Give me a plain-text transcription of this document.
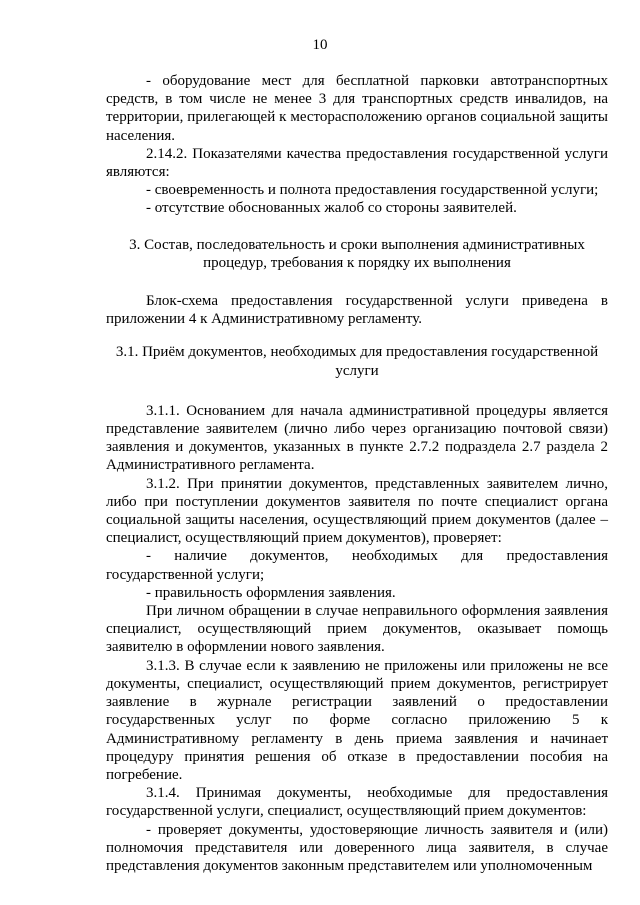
10

- оборудование мест для бесплатной парковки автотранспортных средств, в том числе не менее 3 для транспортных средств инвалидов, на территории, прилегающей к месторасположению органов социальной защиты населения.

2.14.2. Показателями качества предоставления государственной услуги являются:

- своевременность и полнота предоставления государственной услуги;

- отсутствие обоснованных жалоб со стороны заявителей.

3. Состав, последовательность и сроки выполнения административных процедур, требования к порядку их выполнения

Блок-схема предоставления государственной услуги приведена в приложении 4 к Административному регламенту.

3.1. Приём документов, необходимых для предоставления государственной услуги

3.1.1. Основанием для начала административной процедуры является представление заявителем (лично либо через организацию почтовой связи) заявления и документов, указанных в пункте 2.7.2 подраздела 2.7 раздела 2 Административного регламента.

3.1.2. При принятии документов, представленных заявителем лично, либо при поступлении документов заявителя по почте специалист органа социальной защиты населения, осуществляющий прием документов (далее – специалист, осуществляющий прием документов), проверяет:

- наличие документов, необходимых для предоставления государственной услуги;

- правильность оформления заявления.

При личном обращении в случае неправильного оформления заявления специалист, осуществляющий прием документов, оказывает помощь заявителю в оформлении нового заявления.

3.1.3. В случае если к заявлению не приложены или приложены не все документы, специалист, осуществляющий прием документов, регистрирует заявление в журнале регистрации заявлений о предоставлении государственных услуг по форме согласно приложению 5 к Административному регламенту в день приема заявления и начинает процедуру принятия решения об отказе в предоставлении пособия на погребение.

3.1.4. Принимая документы, необходимые для предоставления государственной услуги, специалист, осуществляющий прием документов:

- проверяет документы, удостоверяющие личность заявителя и (или) полномочия представителя или доверенного лица заявителя, в случае представления документов законным представителем или уполномоченным
